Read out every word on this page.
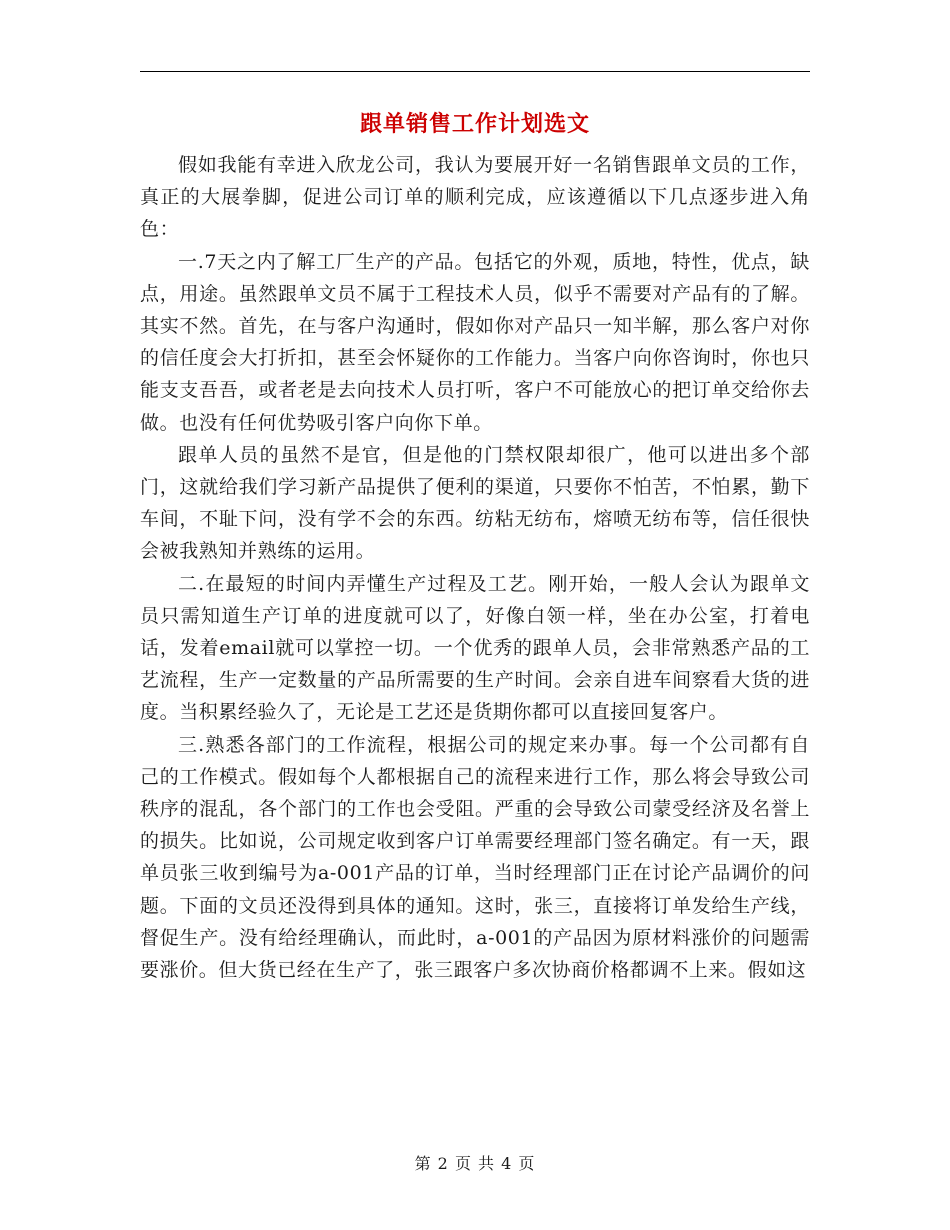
跟单销售工作计划选文

假如我能有幸进入欣龙公司，我认为要展开好一名销售跟单文员的工作，真正的大展拳脚，促进公司订单的顺利完成，应该遵循以下几点逐步进入角色：

一.7天之内了解工厂生产的产品。包括它的外观，质地，特性，优点，缺点，用途。虽然跟单文员不属于工程技术人员，似乎不需要对产品有的了解。其实不然。首先，在与客户沟通时，假如你对产品只一知半解，那么客户对你的信任度会大打折扣，甚至会怀疑你的工作能力。当客户向你咨询时，你也只能支支吾吾，或者老是去向技术人员打听，客户不可能放心的把订单交给你去做。也没有任何优势吸引客户向你下单。

跟单人员的虽然不是官，但是他的门禁权限却很广，他可以进出多个部门，这就给我们学习新产品提供了便利的渠道，只要你不怕苦，不怕累，勤下车间，不耻下问，没有学不会的东西。纺粘无纺布，熔喷无纺布等，信任很快会被我熟知并熟练的运用。

二.在最短的时间内弄懂生产过程及工艺。刚开始，一般人会认为跟单文员只需知道生产订单的进度就可以了，好像白领一样，坐在办公室，打着电话，发着email就可以掌控一切。一个优秀的跟单人员，会非常熟悉产品的工艺流程，生产一定数量的产品所需要的生产时间。会亲自进车间察看大货的进度。当积累经验久了，无论是工艺还是货期你都可以直接回复客户。

三.熟悉各部门的工作流程，根据公司的规定来办事。每一个公司都有自己的工作模式。假如每个人都根据自己的流程来进行工作，那么将会导致公司秩序的混乱，各个部门的工作也会受阻。严重的会导致公司蒙受经济及名誉上的损失。比如说，公司规定收到客户订单需要经理部门签名确定。有一天，跟单员张三收到编号为a-001产品的订单，当时经理部门正在讨论产品调价的问题。下面的文员还没得到具体的通知。这时，张三，直接将订单发给生产线，督促生产。没有给经理确认，而此时，a-001的产品因为原材料涨价的问题需要涨价。但大货已经在生产了，张三跟客户多次协商价格都调不上来。假如这

第 2 页 共 4 页
